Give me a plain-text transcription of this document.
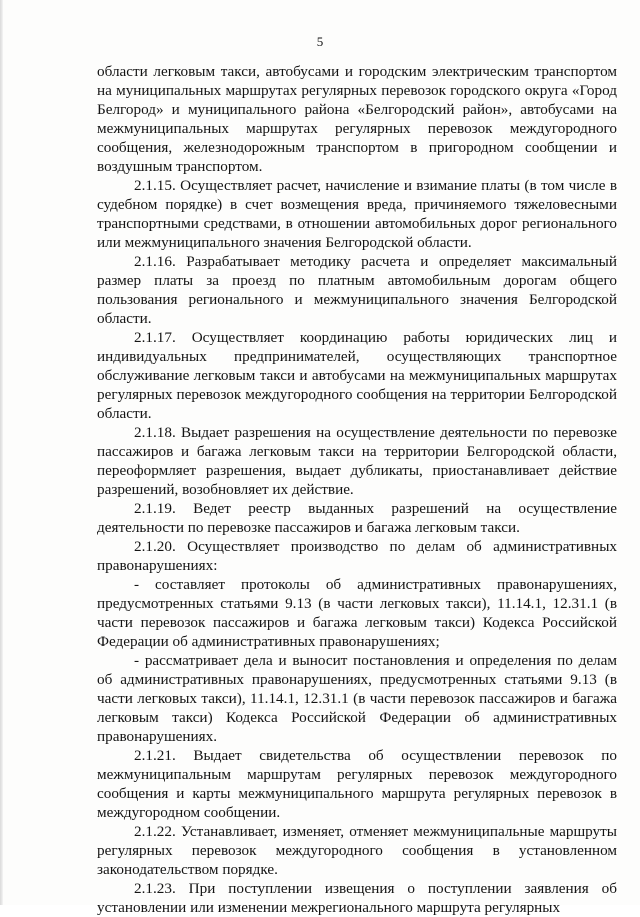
5

области легковым такси, автобусами и городским электрическим транспортом на муниципальных маршрутах регулярных перевозок городского округа «Город Белгород» и муниципального района «Белгородский район», автобусами на межмуниципальных маршрутах регулярных перевозок междугородного сообщения, железнодорожным транспортом в пригородном сообщении и воздушным транспортом.

2.1.15. Осуществляет расчет, начисление и взимание платы (в том числе в судебном порядке) в счет возмещения вреда, причиняемого тяжеловесными транспортными средствами, в отношении автомобильных дорог регионального или межмуниципального значения Белгородской области.

2.1.16. Разрабатывает методику расчета и определяет максимальный размер платы за проезд по платным автомобильным дорогам общего пользования регионального и межмуниципального значения Белгородской области.

2.1.17. Осуществляет координацию работы юридических лиц и индивидуальных предпринимателей, осуществляющих транспортное обслуживание легковым такси и автобусами на межмуниципальных маршрутах регулярных перевозок междугородного сообщения на территории Белгородской области.

2.1.18. Выдает разрешения на осуществление деятельности по перевозке пассажиров и багажа легковым такси на территории Белгородской области, переоформляет разрешения, выдает дубликаты, приостанавливает действие разрешений, возобновляет их действие.

2.1.19. Ведет реестр выданных разрешений на осуществление деятельности по перевозке пассажиров и багажа легковым такси.

2.1.20. Осуществляет производство по делам об административных правонарушениях:

- составляет протоколы об административных правонарушениях, предусмотренных статьями 9.13 (в части легковых такси), 11.14.1, 12.31.1 (в части перевозок пассажиров и багажа легковым такси) Кодекса Российской Федерации об административных правонарушениях;

- рассматривает дела и выносит постановления и определения по делам об административных правонарушениях, предусмотренных статьями 9.13 (в части легковых такси), 11.14.1, 12.31.1 (в части перевозок пассажиров и багажа легковым такси) Кодекса Российской Федерации об административных правонарушениях.

2.1.21. Выдает свидетельства об осуществлении перевозок по межмуниципальным маршрутам регулярных перевозок междугородного сообщения и карты межмуниципального маршрута регулярных перевозок в междугородном сообщении.

2.1.22. Устанавливает, изменяет, отменяет межмуниципальные маршруты регулярных перевозок междугородного сообщения в установленном законодательством порядке.

2.1.23. При поступлении извещения о поступлении заявления об установлении или изменении межрегионального маршрута регулярных
